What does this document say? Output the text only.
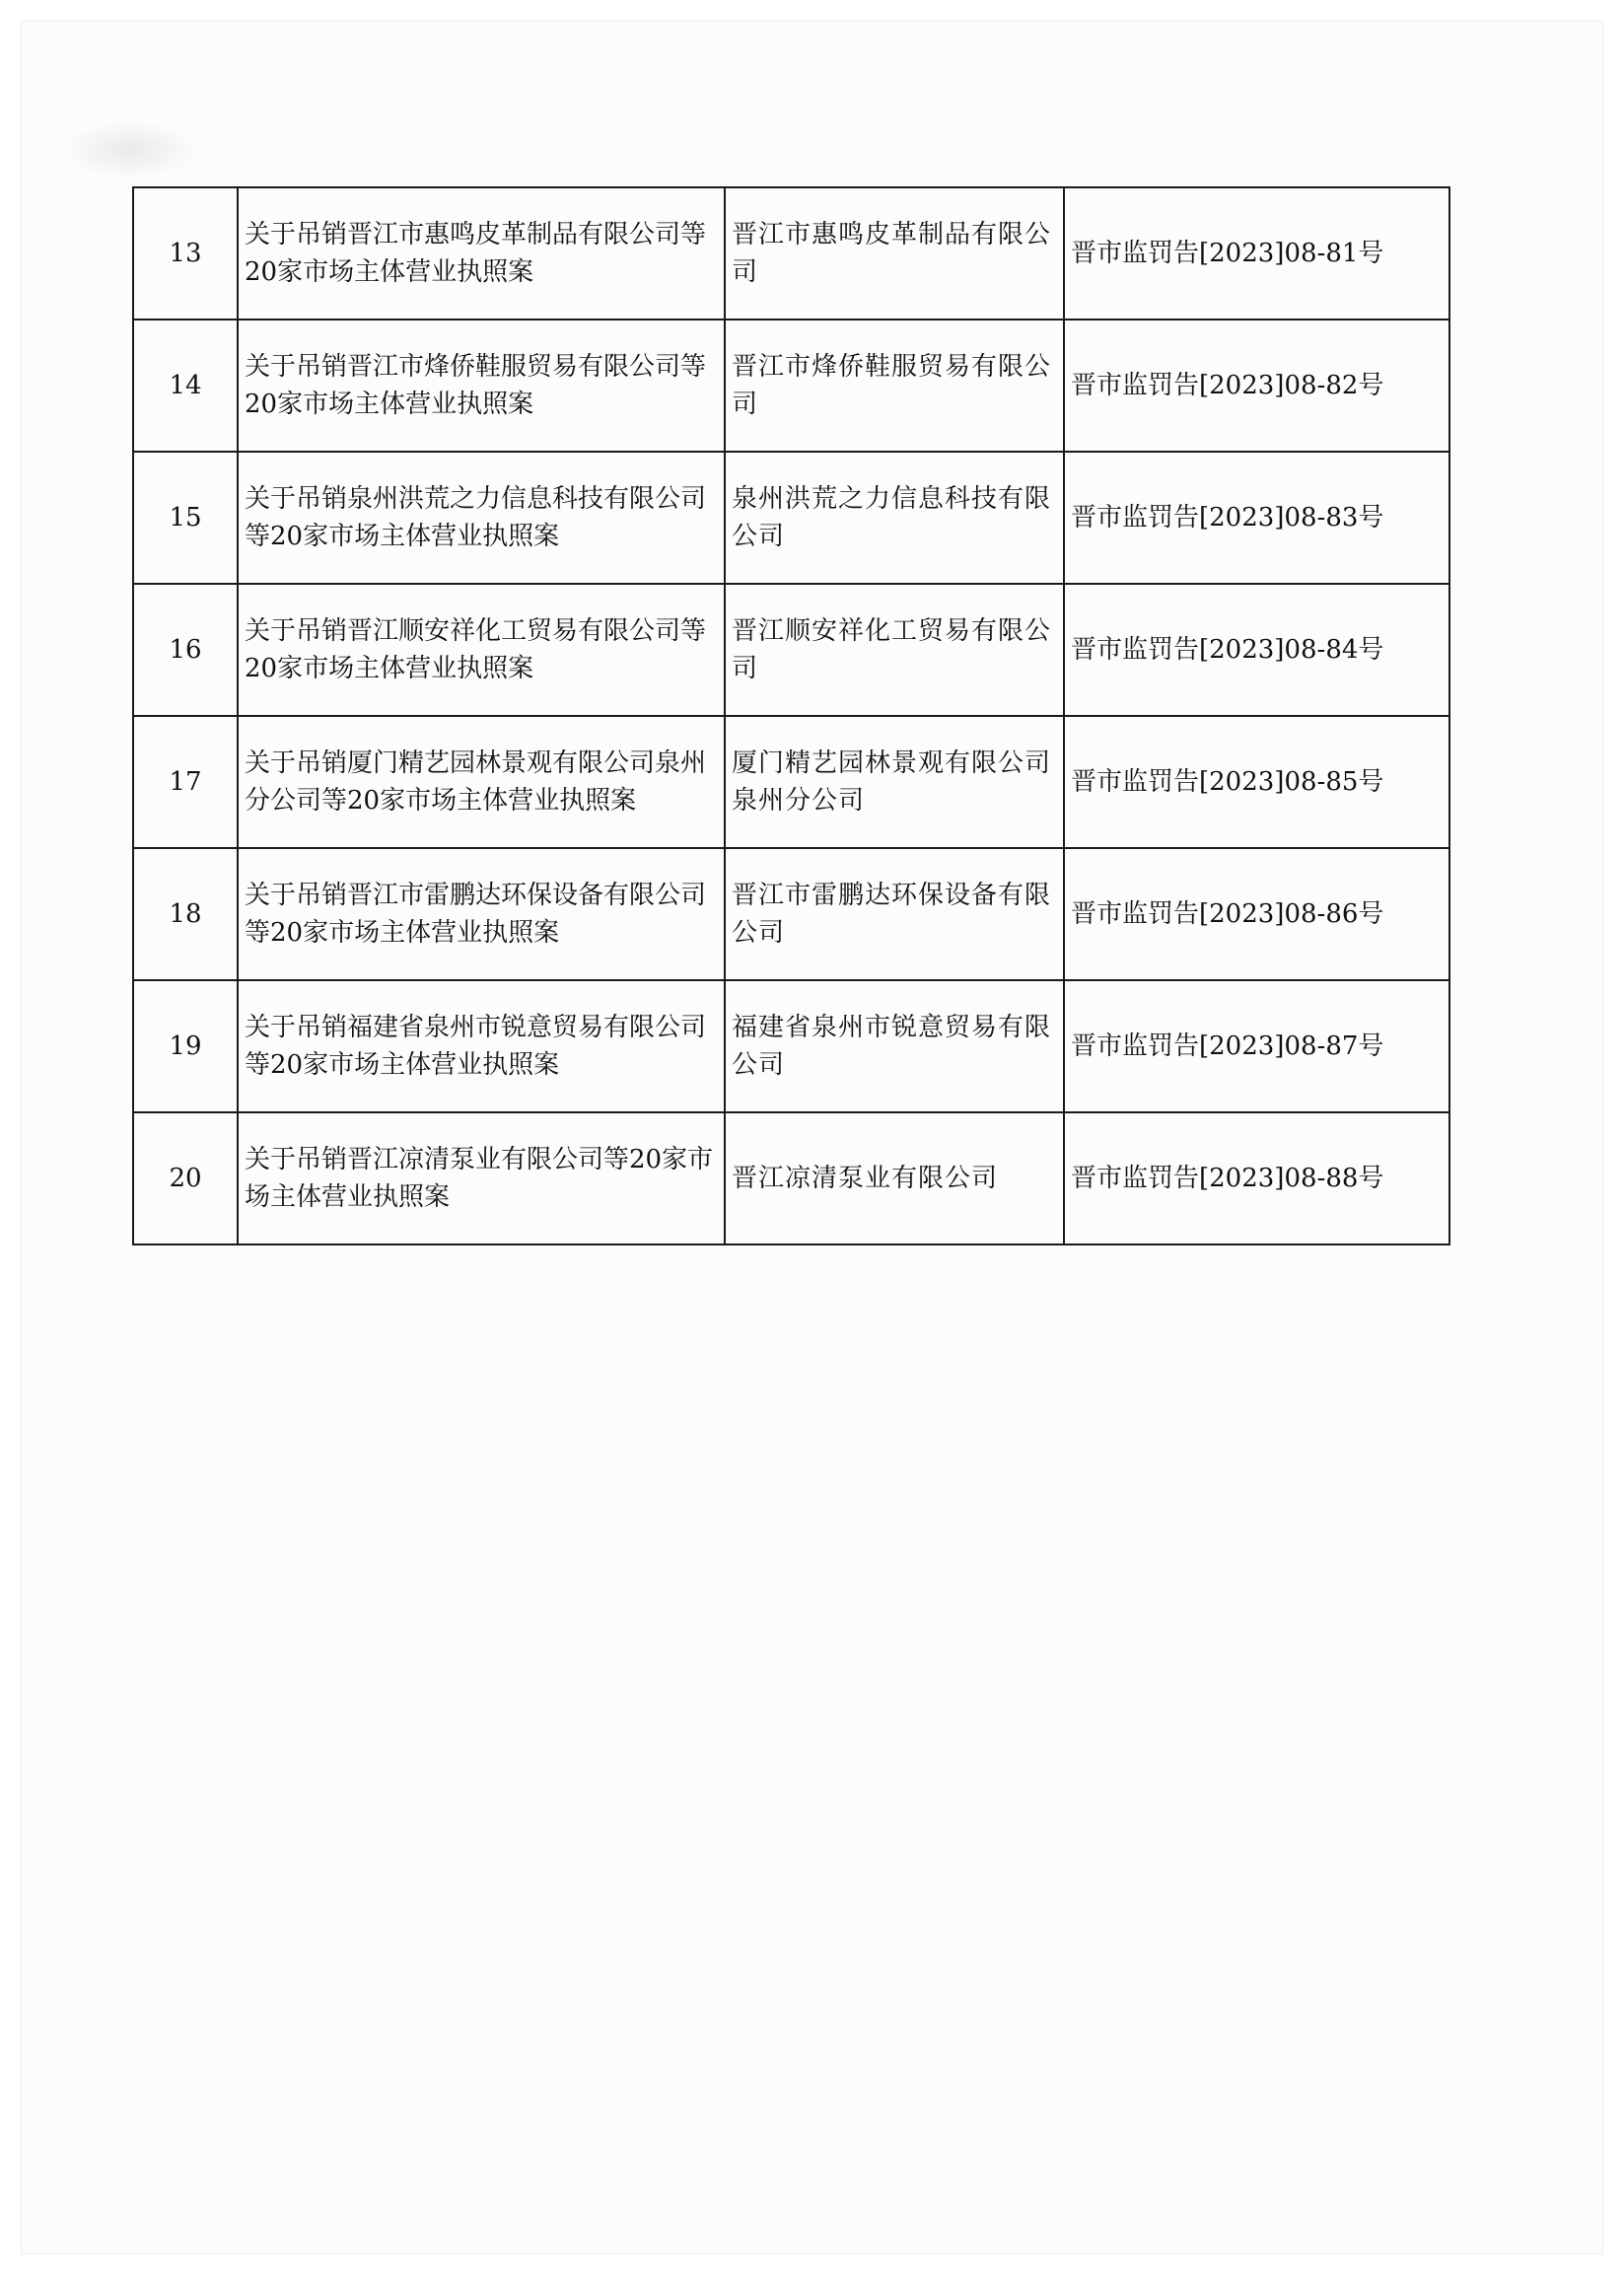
13	关于吊销晋江市惠鸣皮革制品有限公司等20家市场主体营业执照案	晋江市惠鸣皮革制品有限公司	晋市监罚告[2023]08-81号
14	关于吊销晋江市烽侨鞋服贸易有限公司等20家市场主体营业执照案	晋江市烽侨鞋服贸易有限公司	晋市监罚告[2023]08-82号
15	关于吊销泉州洪荒之力信息科技有限公司等20家市场主体营业执照案	泉州洪荒之力信息科技有限公司	晋市监罚告[2023]08-83号
16	关于吊销晋江顺安祥化工贸易有限公司等20家市场主体营业执照案	晋江顺安祥化工贸易有限公司	晋市监罚告[2023]08-84号
17	关于吊销厦门精艺园林景观有限公司泉州分公司等20家市场主体营业执照案	厦门精艺园林景观有限公司泉州分公司	晋市监罚告[2023]08-85号
18	关于吊销晋江市雷鹏达环保设备有限公司等20家市场主体营业执照案	晋江市雷鹏达环保设备有限公司	晋市监罚告[2023]08-86号
19	关于吊销福建省泉州市锐意贸易有限公司等20家市场主体营业执照案	福建省泉州市锐意贸易有限公司	晋市监罚告[2023]08-87号
20	关于吊销晋江凉清泵业有限公司等20家市场主体营业执照案	晋江凉清泵业有限公司	晋市监罚告[2023]08-88号
